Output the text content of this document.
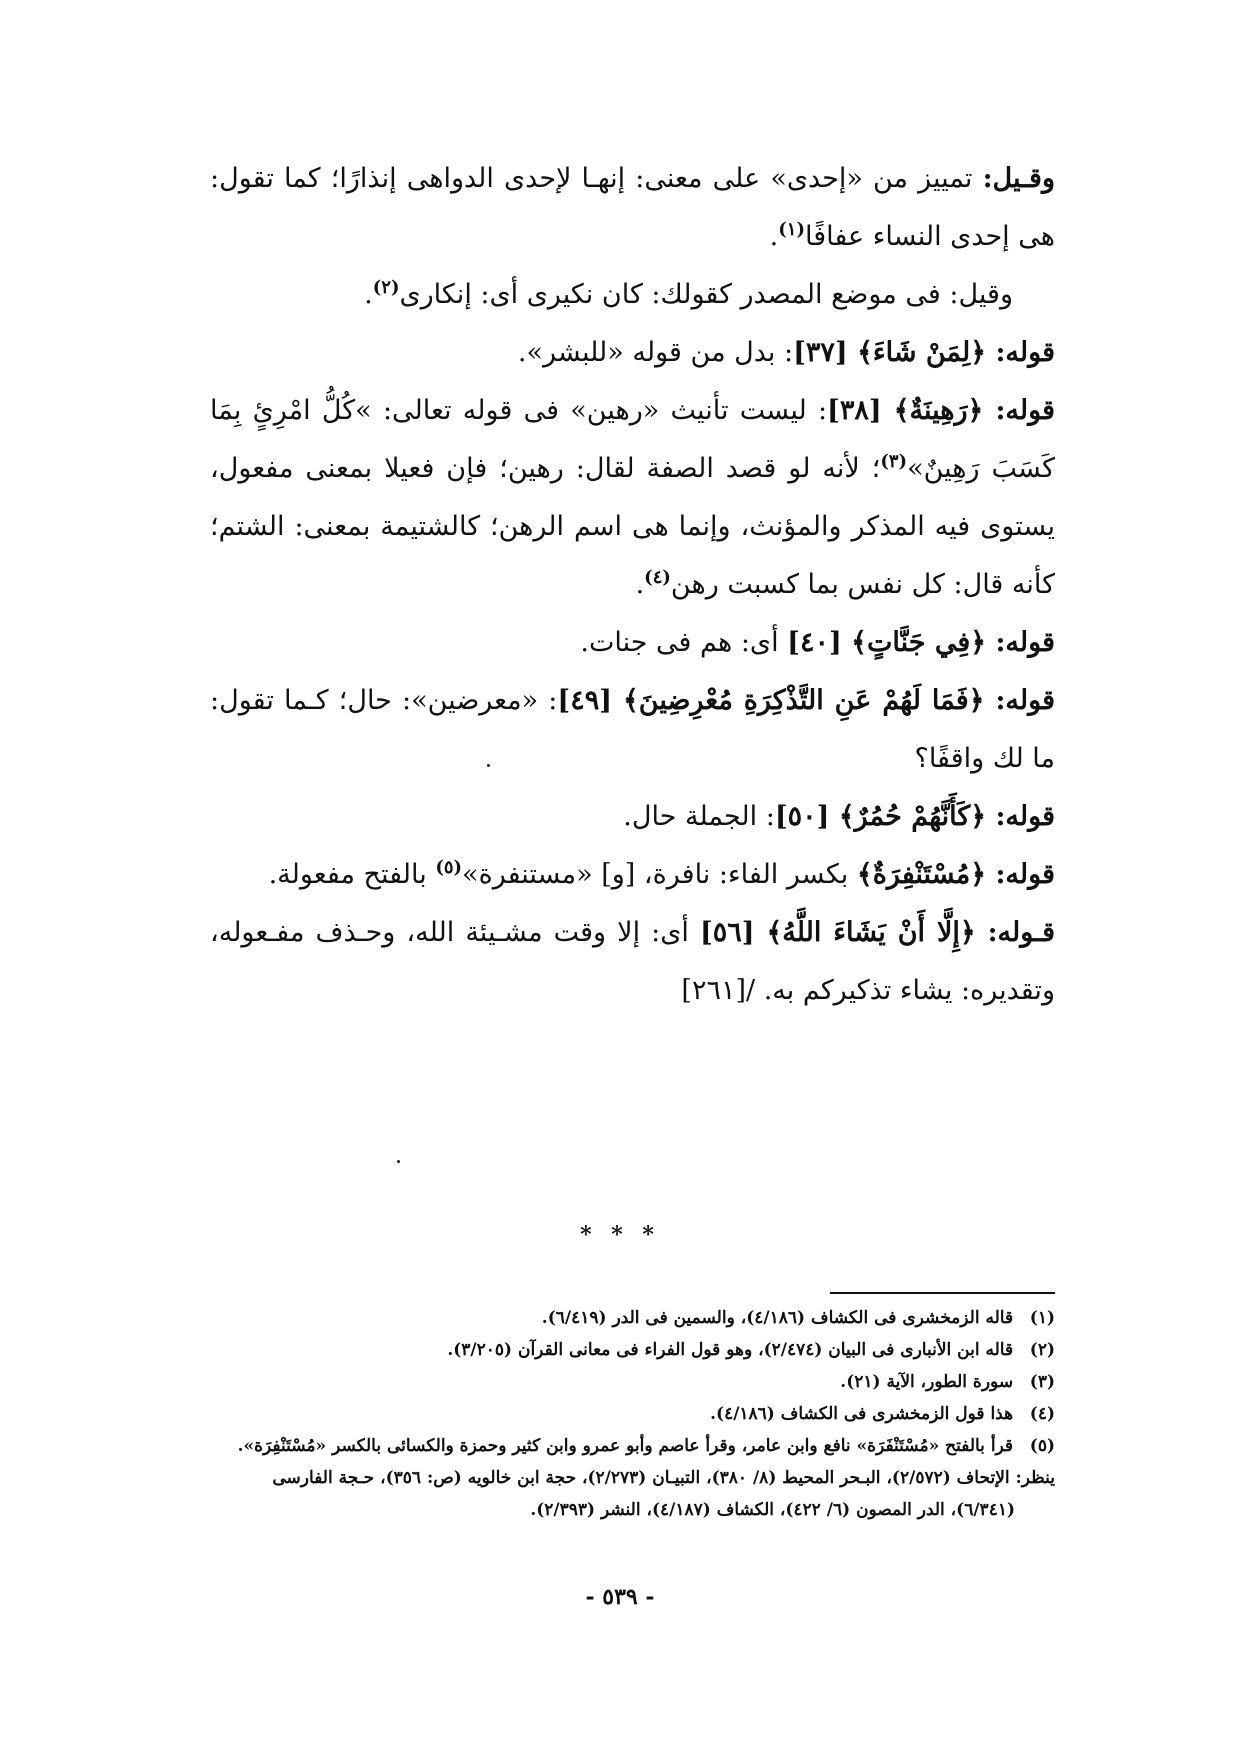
وقـيل: تمييز من «إحدى» على معنى: إنهـا لإحدى الدواهى إنذارًا؛ كما تقول: هى إحدى النساء عفافًا$^{(١)}$.

وقيل: فى موضع المصدر كقولك: كان نكيرى أى: إنكارى$^{(٢)}$.

قوله: ﴿لِمَنْ شَاءَ﴾ [٣٧]: بدل من قوله «للبشر».

قوله: ﴿رَهِينَةٌ﴾ [٣٨]: ليست تأنيث «رهين» فى قوله تعالى: »كُلُّ امْرِئٍ بِمَا كَسَبَ رَهِينٌ»$^{(٣)}$؛ لأنه لو قصد الصفة لقال: رهين؛ فإن فعيلا بمعنى مفعول، يستوى فيه المذكر والمؤنث، وإنما هى اسم الرهن؛ كالشتيمة بمعنى: الشتم؛ كأنه قال: كل نفس بما كسبت رهن$^{(٤)}$.

قوله: ﴿فِي جَنَّاتٍ﴾ [٤٠] أى: هم فى جنات.

قوله: ﴿فَمَا لَهُمْ عَنِ التَّذْكِرَةِ مُعْرِضِينَ﴾ [٤٩]: «معرضين»: حال؛ كـما تقول: ما لك واقفًا؟

قوله: ﴿كَأَنَّهُمْ حُمُرٌ﴾ [٥٠]: الجملة حال.

قوله: ﴿مُسْتَنْفِرَةٌ﴾ بكسر الفاء: نافرة، [و] «مستنفرة»$^{(٥)}$ بالفتح مفعولة.

قـوله: ﴿إِلَّا أَنْ يَشَاءَ اللَّهُ﴾ [٥٦] أى: إلا وقت مشـيئة الله، وحـذف مفـعوله، وتقديره: يشاء تذكيركم به. /[٢٦١]

* * *

(١) قاله الزمخشرى فى الكشاف (٤/١٨٦)، والسمين فى الدر (٦/٤١٩).

(٢) قاله ابن الأنبارى فى البيان (٢/٤٧٤)، وهو قول الفراء فى معانى القرآن (٣/٢٠٥).

(٣) سورة الطور، الآية (٢١).

(٤) هذا قول الزمخشرى فى الكشاف (٤/١٨٦).

(٥) قرأ بالفتح «مُسْتَنْفَرَة» نافع وابن عامر، وقرأ عاصم وأبو عمرو وابن كثير وحمزة والكسائى بالكسر «مُسْتَنْفِرَة».

ينظر: الإتحاف (٢/٥٧٢)، البـحر المحيط (٨/ ٣٨٠)، التبيـان (٢/٢٧٣)، حجة ابن خالويه (ص: ٣٥٦)، حـجة الفارسى

(٦/٣٤١)، الدر المصون (٦/ ٤٢٢)، الكشاف (٤/١٨٧)، النشر (٢/٣٩٣).

- ٥٣٩ -
